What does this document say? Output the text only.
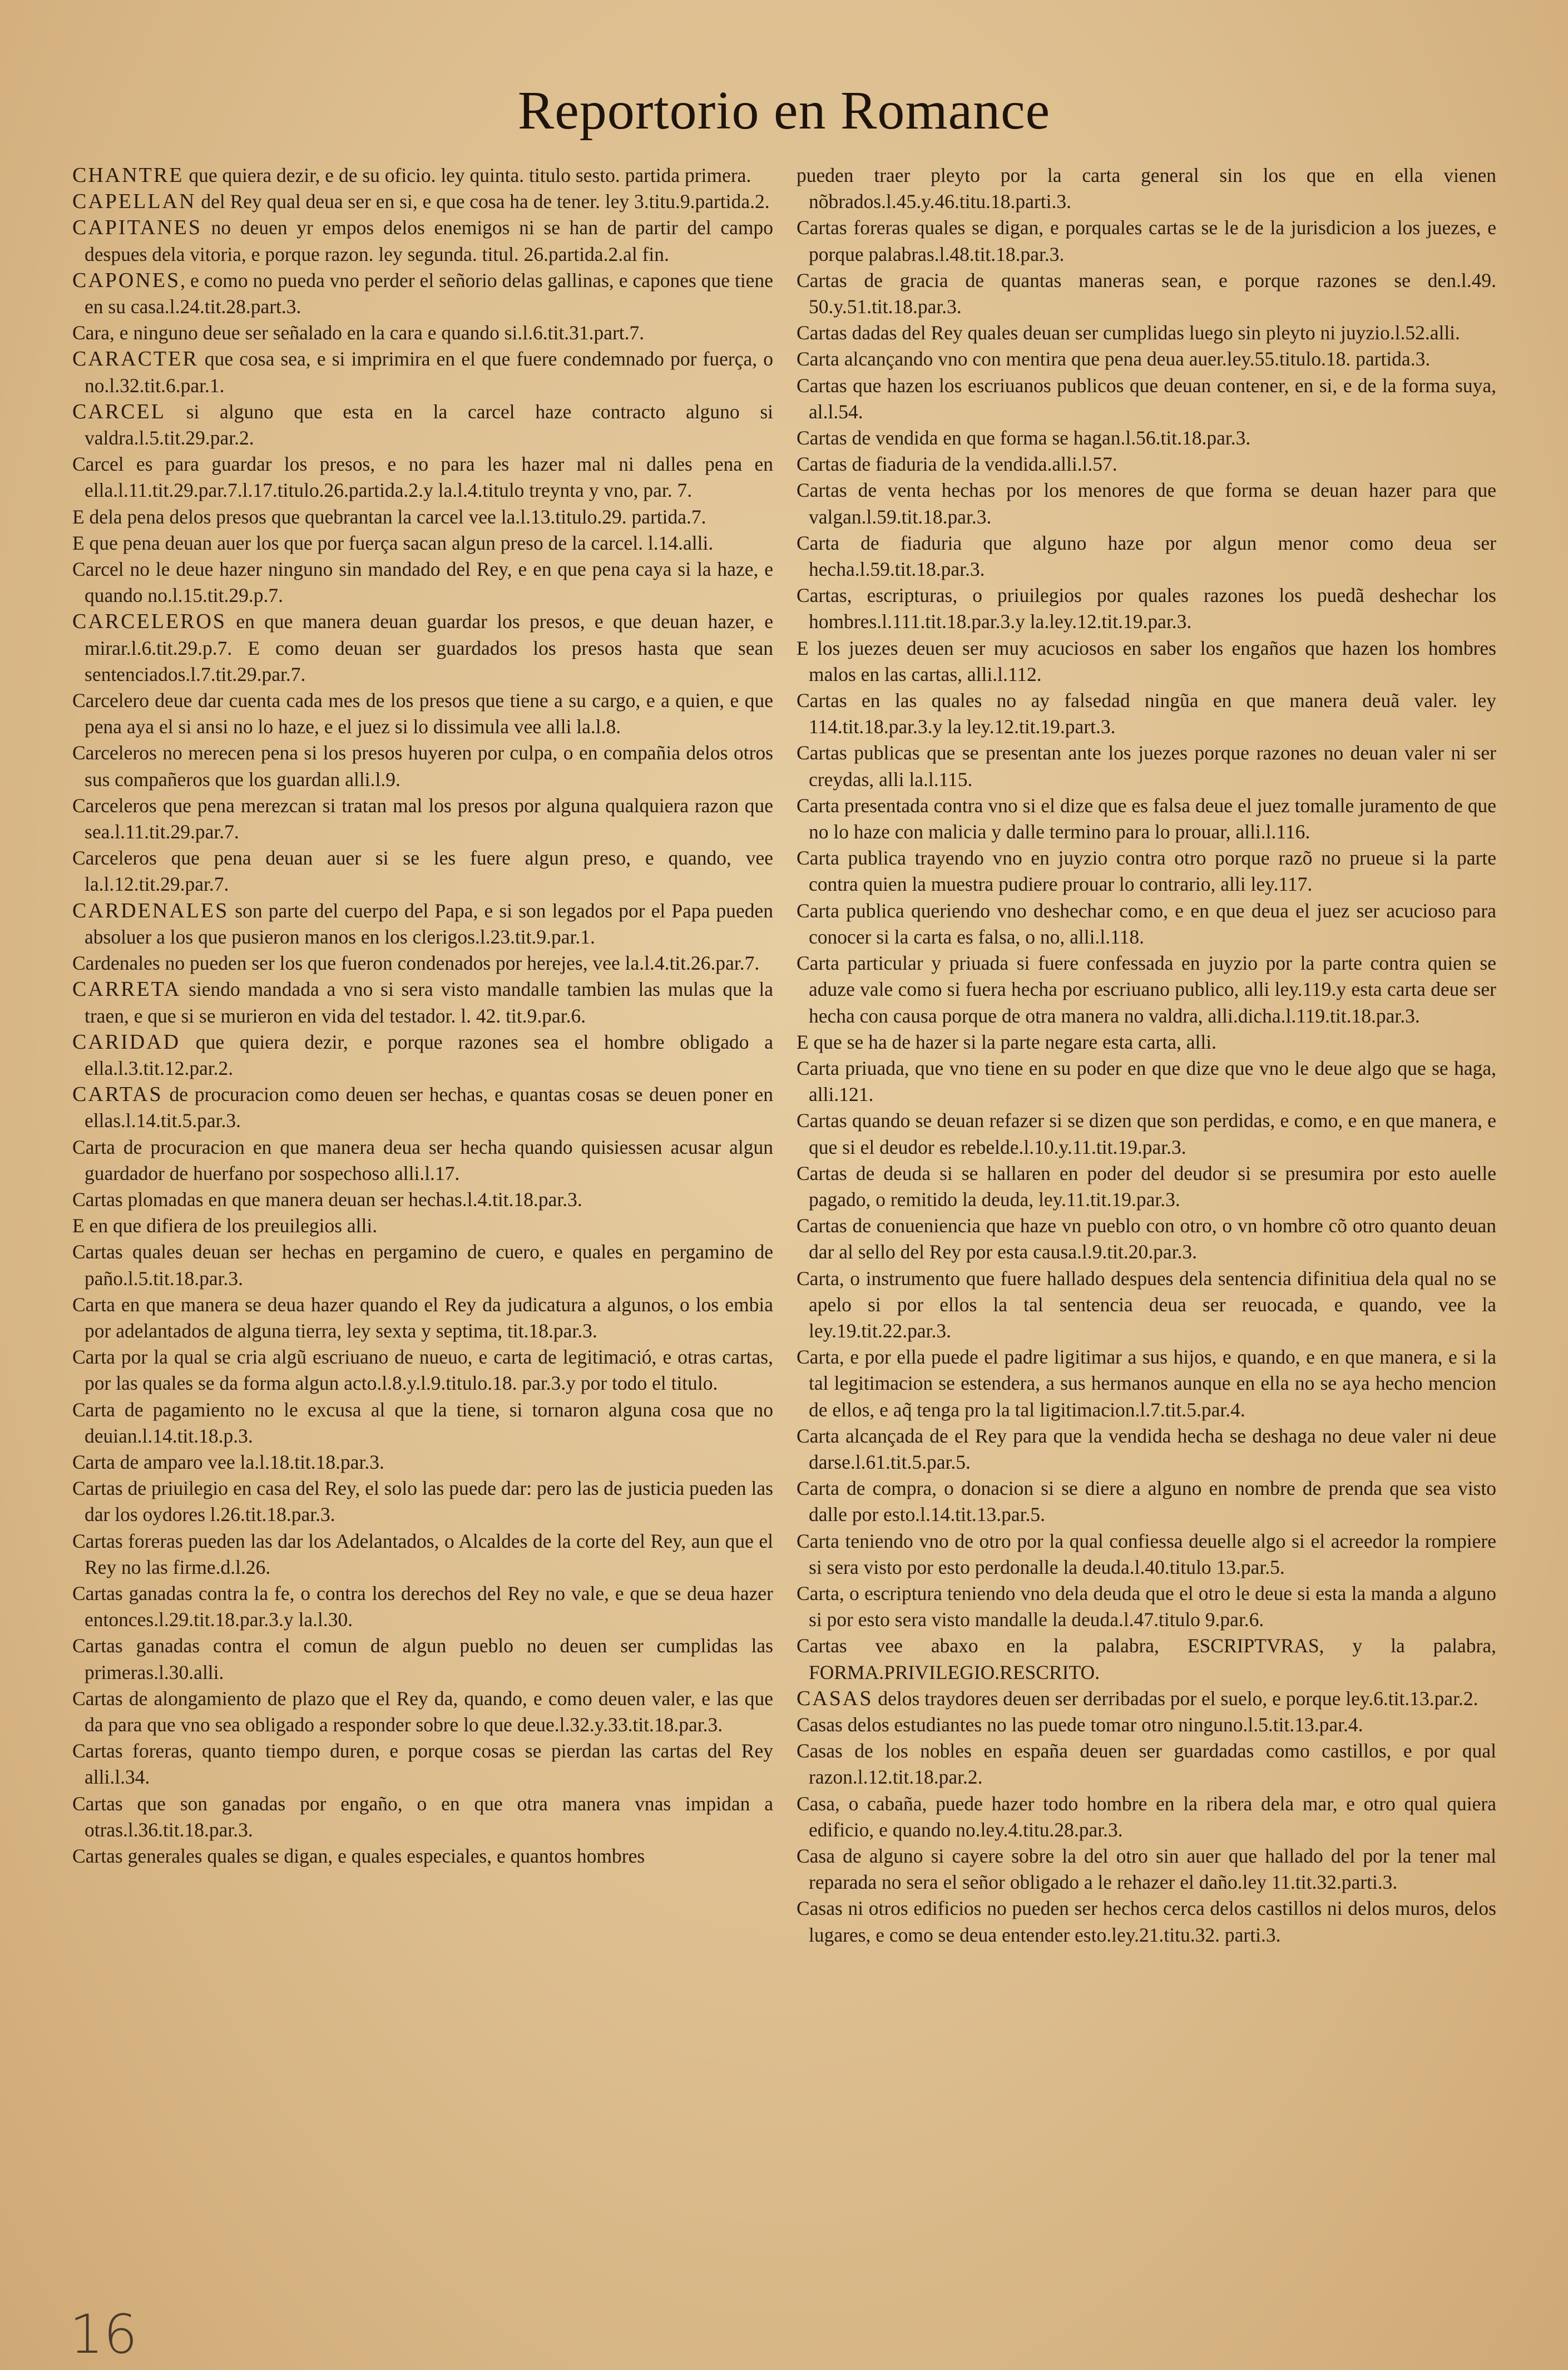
Reportorio en Romance

CHANTRE que quiera dezir, e de su oficio. ley quinta. titulo sesto. partida primera.

CAPELLAN del Rey qual deua ser en si, e que cosa ha de tener. ley 3.titu.9.partida.2.

CAPITANES no deuen yr empos delos enemigos ni se han de partir del campo despues dela vitoria, e porque razon. ley segunda. titul. 26.partida.2.al fin.

CAPONES, e como no pueda vno perder el señorio delas gallinas, e capones que tiene en su casa.l.24.tit.28.part.3.

Cara, e ninguno deue ser señalado en la cara e quando si.l.6.tit.31.part.7.

CARACTER que cosa sea, e si imprimira en el que fuere condemnado por fuerça, o no.l.32.tit.6.par.1.

CARCEL si alguno que esta en la carcel haze contracto alguno si valdra.l.5.tit.29.par.2.

Carcel es para guardar los presos, e no para les hazer mal ni dalles pena en ella.l.11.tit.29.par.7.l.17.titulo.26.partida.2.y la.l.4.titulo treynta y vno, par. 7.

E dela pena delos presos que quebrantan la carcel vee la.l.13.titulo.29. partida.7.

E que pena deuan auer los que por fuerça sacan algun preso de la carcel. l.14.alli.

Carcel no le deue hazer ninguno sin mandado del Rey, e en que pena caya si la haze, e quando no.l.15.tit.29.p.7.

CARCELEROS en que manera deuan guardar los presos, e que deuan hazer, e mirar.l.6.tit.29.p.7. E como deuan ser guardados los presos hasta que sean sentenciados.l.7.tit.29.par.7.

Carcelero deue dar cuenta cada mes de los presos que tiene a su cargo, e a quien, e que pena aya el si ansi no lo haze, e el juez si lo dissimula vee alli la.l.8.

Carceleros no merecen pena si los presos huyeren por culpa, o en compañia delos otros sus compañeros que los guardan alli.l.9.

Carceleros que pena merezcan si tratan mal los presos por alguna qualquiera razon que sea.l.11.tit.29.par.7.

Carceleros que pena deuan auer si se les fuere algun preso, e quando, vee la.l.12.tit.29.par.7.

CARDENALES son parte del cuerpo del Papa, e si son legados por el Papa pueden absoluer a los que pusieron manos en los clerigos.l.23.tit.9.par.1.

Cardenales no pueden ser los que fueron condenados por herejes, vee la.l.4.tit.26.par.7.

CARRETA siendo mandada a vno si sera visto mandalle tambien las mulas que la traen, e que si se murieron en vida del testador. l. 42. tit.9.par.6.

CARIDAD que quiera dezir, e porque razones sea el hombre obligado a ella.l.3.tit.12.par.2.

CARTAS de procuracion como deuen ser hechas, e quantas cosas se deuen poner en ellas.l.14.tit.5.par.3.

Carta de procuracion en que manera deua ser hecha quando quisiessen acusar algun guardador de huerfano por sospechoso alli.l.17.

Cartas plomadas en que manera deuan ser hechas.l.4.tit.18.par.3.

E en que difiera de los preuilegios alli.

Cartas quales deuan ser hechas en pergamino de cuero, e quales en pergamino de paño.l.5.tit.18.par.3.

Carta en que manera se deua hazer quando el Rey da judicatura a algunos, o los embia por adelantados de alguna tierra, ley sexta y septima, tit.18.par.3.

Carta por la qual se cria algũ escriuano de nueuo, e carta de legitimació, e otras cartas, por las quales se da forma algun acto.l.8.y.l.9.titulo.18. par.3.y por todo el titulo.

Carta de pagamiento no le excusa al que la tiene, si tornaron alguna cosa que no deuian.l.14.tit.18.p.3.

Carta de amparo vee la.l.18.tit.18.par.3.

Cartas de priuilegio en casa del Rey, el solo las puede dar: pero las de justicia pueden las dar los oydores l.26.tit.18.par.3.

Cartas foreras pueden las dar los Adelantados, o Alcaldes de la corte del Rey, aun que el Rey no las firme.d.l.26.

Cartas ganadas contra la fe, o contra los derechos del Rey no vale, e que se deua hazer entonces.l.29.tit.18.par.3.y la.l.30.

Cartas ganadas contra el comun de algun pueblo no deuen ser cumplidas las primeras.l.30.alli.

Cartas de alongamiento de plazo que el Rey da, quando, e como deuen valer, e las que da para que vno sea obligado a responder sobre lo que deue.l.32.y.33.tit.18.par.3.

Cartas foreras, quanto tiempo duren, e porque cosas se pierdan las cartas del Rey alli.l.34.

Cartas que son ganadas por engaño, o en que otra manera vnas impidan a otras.l.36.tit.18.par.3.

Cartas generales quales se digan, e quales especiales, e quantos hombres

pueden traer pleyto por la carta general sin los que en ella vienen nõbrados.l.45.y.46.titu.18.parti.3.

Cartas foreras quales se digan, e porquales cartas se le de la jurisdicion a los juezes, e porque palabras.l.48.tit.18.par.3.

Cartas de gracia de quantas maneras sean, e porque razones se den.l.49. 50.y.51.tit.18.par.3.

Cartas dadas del Rey quales deuan ser cumplidas luego sin pleyto ni juyzio.l.52.alli.

Carta alcançando vno con mentira que pena deua auer.ley.55.titulo.18. partida.3.

Cartas que hazen los escriuanos publicos que deuan contener, en si, e de la forma suya, al.l.54.

Cartas de vendida en que forma se hagan.l.56.tit.18.par.3.

Cartas de fiaduria de la vendida.alli.l.57.

Cartas de venta hechas por los menores de que forma se deuan hazer para que valgan.l.59.tit.18.par.3.

Carta de fiaduria que alguno haze por algun menor como deua ser hecha.l.59.tit.18.par.3.

Cartas, escripturas, o priuilegios por quales razones los puedã deshechar los hombres.l.111.tit.18.par.3.y la.ley.12.tit.19.par.3.

E los juezes deuen ser muy acuciosos en saber los engaños que hazen los hombres malos en las cartas, alli.l.112.

Cartas en las quales no ay falsedad ningũa en que manera deuã valer. ley 114.tit.18.par.3.y la ley.12.tit.19.part.3.

Cartas publicas que se presentan ante los juezes porque razones no deuan valer ni ser creydas, alli la.l.115.

Carta presentada contra vno si el dize que es falsa deue el juez tomalle juramento de que no lo haze con malicia y dalle termino para lo prouar, alli.l.116.

Carta publica trayendo vno en juyzio contra otro porque razõ no prueue si la parte contra quien la muestra pudiere prouar lo contrario, alli ley.117.

Carta publica queriendo vno deshechar como, e en que deua el juez ser acucioso para conocer si la carta es falsa, o no, alli.l.118.

Carta particular y priuada si fuere confessada en juyzio por la parte contra quien se aduze vale como si fuera hecha por escriuano publico, alli ley.119.y esta carta deue ser hecha con causa porque de otra manera no valdra, alli.dicha.l.119.tit.18.par.3.

E que se ha de hazer si la parte negare esta carta, alli.

Carta priuada, que vno tiene en su poder en que dize que vno le deue algo que se haga, alli.121.

Cartas quando se deuan refazer si se dizen que son perdidas, e como, e en que manera, e que si el deudor es rebelde.l.10.y.11.tit.19.par.3.

Cartas de deuda si se hallaren en poder del deudor si se presumira por esto auelle pagado, o remitido la deuda, ley.11.tit.19.par.3.

Cartas de conueniencia que haze vn pueblo con otro, o vn hombre cõ otro quanto deuan dar al sello del Rey por esta causa.l.9.tit.20.par.3.

Carta, o instrumento que fuere hallado despues dela sentencia difinitiua dela qual no se apelo si por ellos la tal sentencia deua ser reuocada, e quando, vee la ley.19.tit.22.par.3.

Carta, e por ella puede el padre ligitimar a sus hijos, e quando, e en que manera, e si la tal legitimacion se estendera, a sus hermanos aunque en ella no se aya hecho mencion de ellos, e aq̃ tenga pro la tal ligitimacion.l.7.tit.5.par.4.

Carta alcançada de el Rey para que la vendida hecha se deshaga no deue valer ni deue darse.l.61.tit.5.par.5.

Carta de compra, o donacion si se diere a alguno en nombre de prenda que sea visto dalle por esto.l.14.tit.13.par.5.

Carta teniendo vno de otro por la qual confiessa deuelle algo si el acreedor la rompiere si sera visto por esto perdonalle la deuda.l.40.titulo 13.par.5.

Carta, o escriptura teniendo vno dela deuda que el otro le deue si esta la manda a alguno si por esto sera visto mandalle la deuda.l.47.titulo 9.par.6.

Cartas vee abaxo en la palabra, ESCRIPTVRAS, y la palabra, FORMA.PRIVILEGIO.RESCRITO.

CASAS delos traydores deuen ser derribadas por el suelo, e porque ley.6.tit.13.par.2.

Casas delos estudiantes no las puede tomar otro ninguno.l.5.tit.13.par.4.

Casas de los nobles en españa deuen ser guardadas como castillos, e por qual razon.l.12.tit.18.par.2.

Casa, o cabaña, puede hazer todo hombre en la ribera dela mar, e otro qual quiera edificio, e quando no.ley.4.titu.28.par.3.

Casa de alguno si cayere sobre la del otro sin auer que hallado del por la tener mal reparada no sera el señor obligado a le rehazer el daño.ley 11.tit.32.parti.3.

Casas ni otros edificios no pueden ser hechos cerca delos castillos ni delos muros, delos lugares, e como se deua entender esto.ley.21.titu.32. parti.3.

16
